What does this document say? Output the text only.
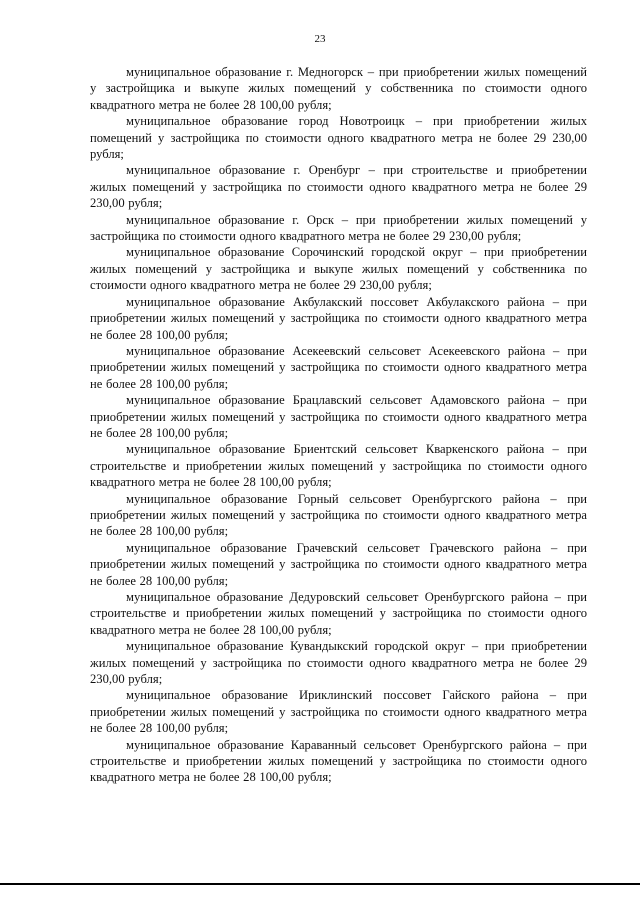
23

муниципальное образование г. Медногорск – при приобретении жилых помещений у застройщика и выкупе жилых помещений у собственника по стоимости одного квадратного метра не более 28 100,00 рубля;

муниципальное образование город Новотроицк – при приобретении жилых помещений у застройщика по стоимости одного квадратного метра не более 29 230,00 рубля;

муниципальное образование г. Оренбург – при строительстве и приобретении жилых помещений у застройщика по стоимости одного квадратного метра не более 29 230,00 рубля;

муниципальное образование г. Орск – при приобретении жилых помещений у застройщика по стоимости одного квадратного метра не более 29 230,00 рубля;

муниципальное образование Сорочинский городской округ – при приобретении жилых помещений у застройщика и выкупе жилых помещений у собственника по стоимости одного квадратного метра не более 29 230,00 рубля;

муниципальное образование Акбулакский поссовет Акбулакского района – при приобретении жилых помещений у застройщика по стоимости одного квадратного метра не более 28 100,00 рубля;

муниципальное образование Асекеевский сельсовет Асекеевского района – при приобретении жилых помещений у застройщика по стоимости одного квадратного метра не более 28 100,00 рубля;

муниципальное образование Брацлавский сельсовет Адамовского района – при приобретении жилых помещений у застройщика по стоимости одного квадратного метра не более 28 100,00 рубля;

муниципальное образование Бриентский сельсовет Кваркенского района – при строительстве и приобретении жилых помещений у застройщика по стоимости одного квадратного метра не более 28 100,00 рубля;

муниципальное образование Горный сельсовет Оренбургского района – при приобретении жилых помещений у застройщика по стоимости одного квадратного метра не более 28 100,00 рубля;

муниципальное образование Грачевский сельсовет Грачевского района – при приобретении жилых помещений у застройщика по стоимости одного квадратного метра не более 28 100,00 рубля;

муниципальное образование Дедуровский сельсовет Оренбургского района – при строительстве и приобретении жилых помещений у застройщика по стоимости одного квадратного метра не более 28 100,00 рубля;

муниципальное образование Кувандыкский городской округ – при приобретении жилых помещений у застройщика по стоимости одного квадратного метра не более 29 230,00 рубля;

муниципальное образование Ириклинский поссовет Гайского района – при приобретении жилых помещений у застройщика по стоимости одного квадратного метра не более 28 100,00 рубля;

муниципальное образование Караванный сельсовет Оренбургского района – при строительстве и приобретении жилых помещений у застройщика по стоимости одного квадратного метра не более 28 100,00 рубля;
